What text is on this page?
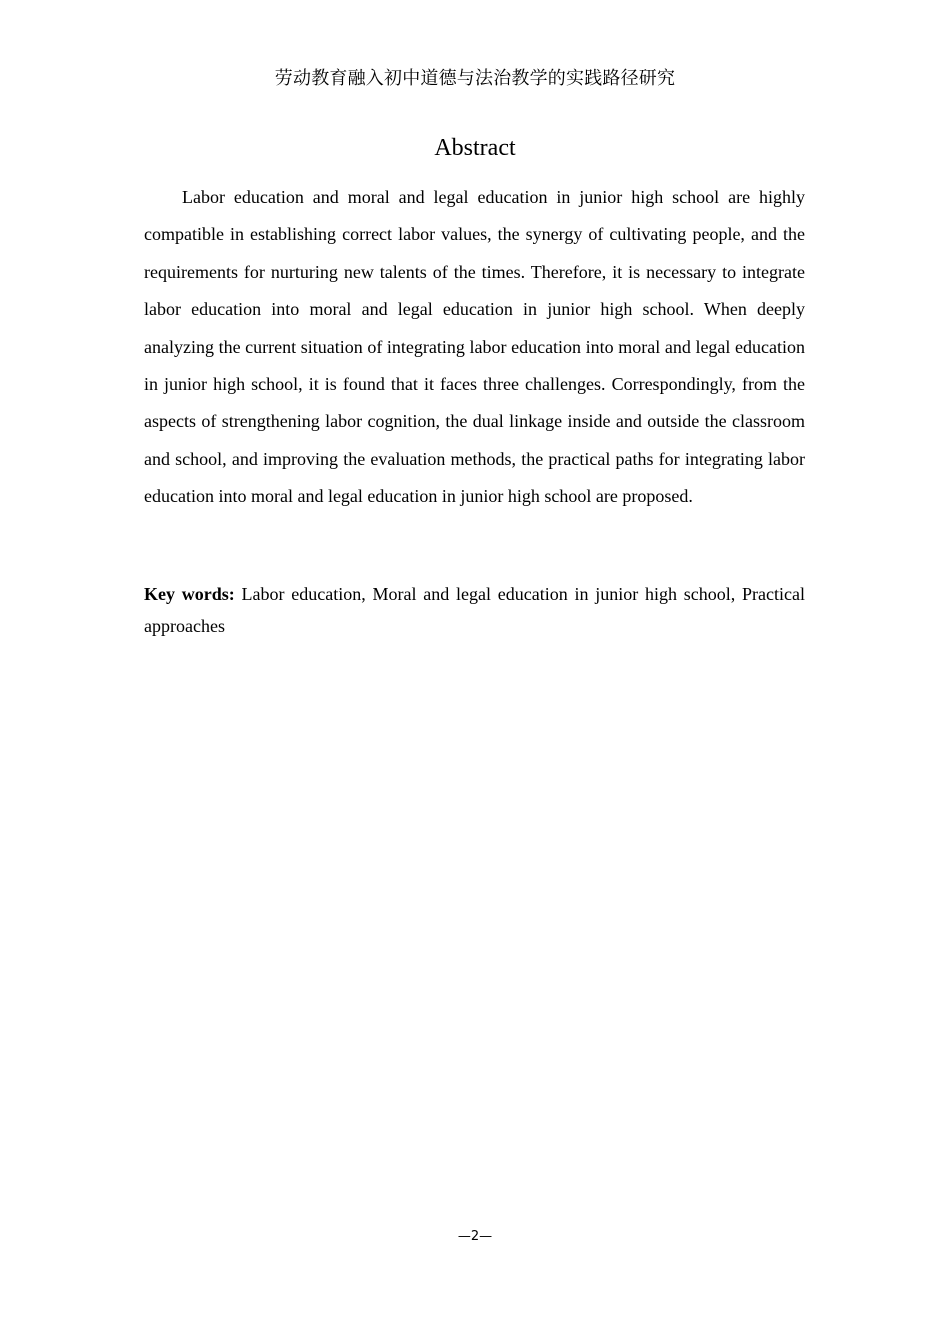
劳动教育融入初中道德与法治教学的实践路径研究
Abstract

Labor education and moral and legal education in junior high school are highly compatible in establishing correct labor values, the synergy of cultivating people, and the requirements for nurturing new talents of the times. Therefore, it is necessary to integrate labor education into moral and legal education in junior high school. When deeply analyzing the current situation of integrating labor education into moral and legal education in junior high school, it is found that it faces three challenges. Correspondingly, from the aspects of strengthening labor cognition, the dual linkage inside and outside the classroom and school, and improving the evaluation methods, the practical paths for integrating labor education into moral and legal education in junior high school are proposed.

Key words: Labor education, Moral and legal education in junior high school, Practical approaches

—2—
